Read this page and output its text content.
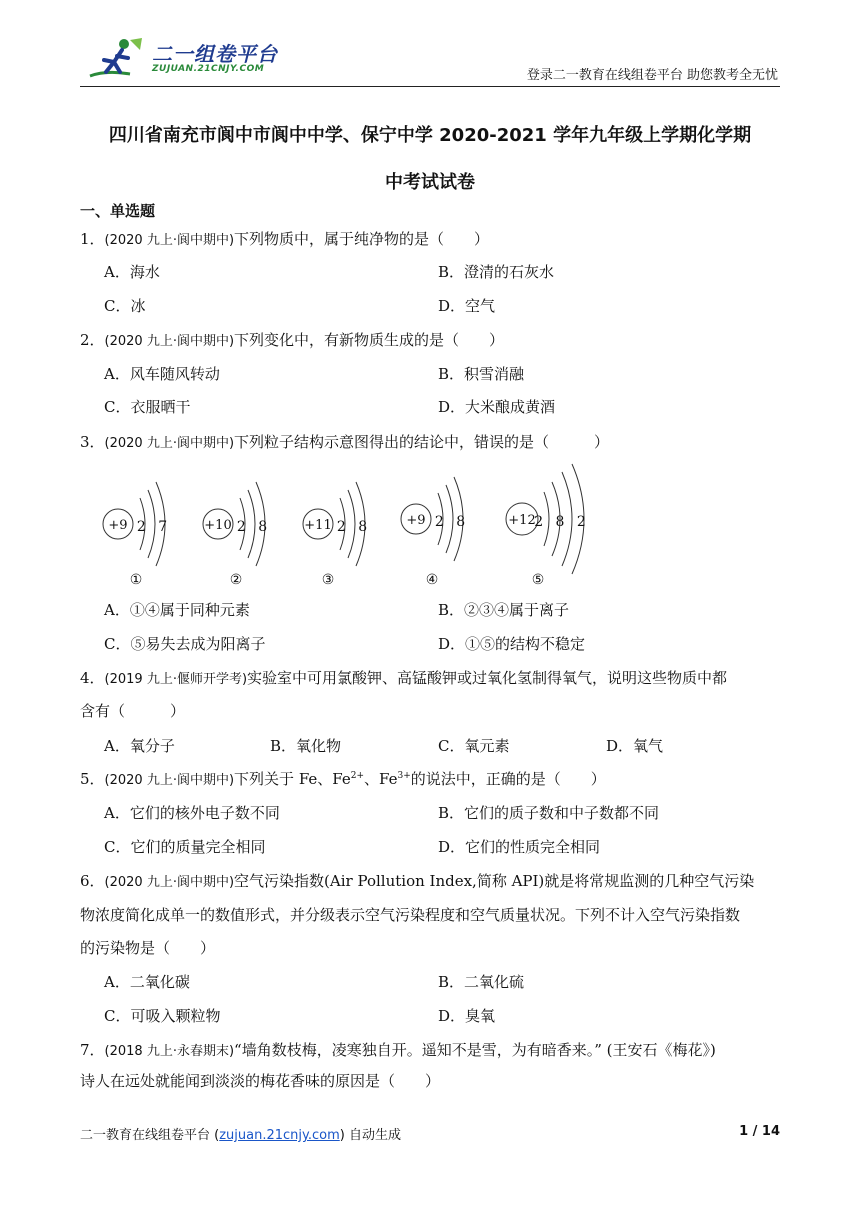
二一组卷平台
ZUJUAN.21CNJY.COM	登录二一教育在线组卷平台 助您教考全无忧
四川省南充市阆中市阆中中学、保宁中学 2020-2021 学年九年级上学期化学期
中考试试卷
一、单选题
1．(2020 九上·阆中期中)下列物质中，属于纯净物的是（　　）
A．海水	B．澄清的石灰水
C．冰	D．空气
2．(2020 九上·阆中期中)下列变化中，有新物质生成的是（　　）
A．风车随风转动	B．积雪消融
C．衣服晒干	D．大米酿成黄酒
3．(2020 九上·阆中期中)下列粒子结构示意图得出的结论中，错误的是（　　　）
+9 2 7
①
+10 2 8
②
+11 2 8
③
+9 2 8
④
+12
2 8 2
⑤
A．①④属于同种元素	B．②③④属于离子
C．⑤易失去成为阳离子	D．①⑤的结构不稳定
4．(2019 九上·偃师开学考)实验室中可用氯酸钾、高锰酸钾或过氧化氢制得氧气，说明这些物质中都
含有（　　　）
A．氧分子	B．氧化物	C．氧元素	D．氧气
5．(2020 九上·阆中期中)下列关于 Fe、$Fe^{2+}$、$Fe^{3+}$的说法中，正确的是（　　）
A．它们的核外电子数不同	B．它们的质子数和中子数都不同
C．它们的质量完全相同	D．它们的性质完全相同
6．(2020 九上·阆中期中)空气污染指数(Air Pollution Index,简称 API)就是将常规监测的几种空气污染
物浓度简化成单一的数值形式，并分级表示空气污染程度和空气质量状况。下列不计入空气污染指数
的污染物是（　　）
A．二氧化碳	B．二氧化硫
C．可吸入颗粒物	D．臭氧
7．(2018 九上·永春期末)“墙角数枝梅，凌寒独自开。遥知不是雪，为有暗香来。” (王安石《梅花》)
诗人在远处就能闻到淡淡的梅花香味的原因是（　　）
二一教育在线组卷平台 (zujuan.21cnjy.com) 自动生成	1 / 14
